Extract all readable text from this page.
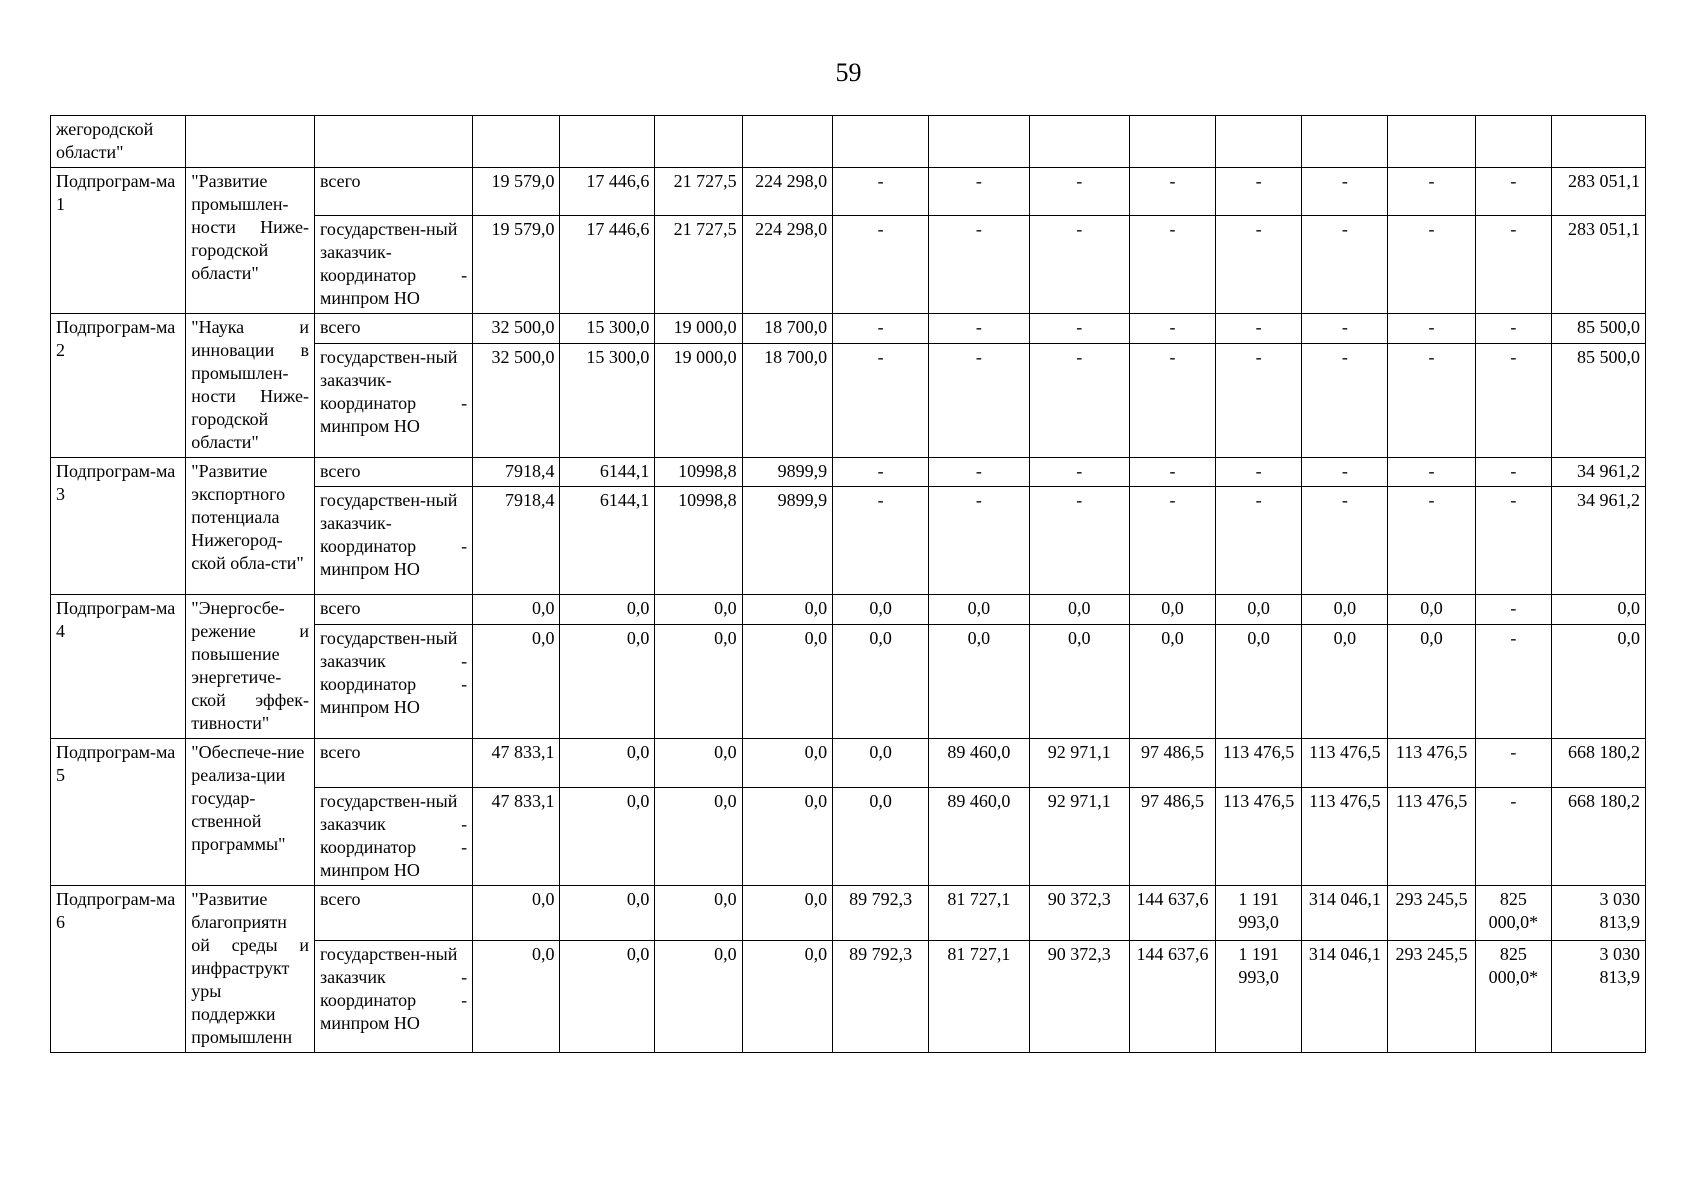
59
жегородской области"															
Подпрограм-ма 1	"Развитие промышлен-ности Ниже-городской области"	всего	19 579,0	17 446,6	21 727,5	224 298,0	-	-	-	-	-	-	-	-	283 051,1
		государствен-ный заказчик-координатор - минпром НО	19 579,0	17 446,6	21 727,5	224 298,0	-	-	-	-	-	-	-	-	283 051,1
Подпрограм-ма 2	"Наука и инновации в промышлен-ности Ниже-городской области"	всего	32 500,0	15 300,0	19 000,0	18 700,0	-	-	-	-	-	-	-	-	85 500,0
		государствен-ный заказчик-координатор - минпром НО	32 500,0	15 300,0	19 000,0	18 700,0	-	-	-	-	-	-	-	-	85 500,0
Подпрограм-ма 3	"Развитие экспортного потенциала Нижегород-ской обла-сти"	всего	7918,4	6144,1	10998,8	9899,9	-	-	-	-	-	-	-	-	34 961,2
		государствен-ный заказчик-координатор - минпром НО	7918,4	6144,1	10998,8	9899,9	-	-	-	-	-	-	-	-	34 961,2
Подпрограм-ма 4	"Энергосбе-режение и повышение энергетиче-ской эффек-тивности"	всего	0,0	0,0	0,0	0,0	0,0	0,0	0,0	0,0	0,0	0,0	0,0	-	0,0
		государствен-ный заказчик - координатор - минпром НО	0,0	0,0	0,0	0,0	0,0	0,0	0,0	0,0	0,0	0,0	0,0	-	0,0
Подпрограм-ма 5	"Обеспече-ние реализа-ции государ-ственной программы"	всего	47 833,1	0,0	0,0	0,0	0,0	89 460,0	92 971,1	97 486,5	113 476,5	113 476,5	113 476,5	-	668 180,2
		государствен-ный заказчик - координатор - минпром НО	47 833,1	0,0	0,0	0,0	0,0	89 460,0	92 971,1	97 486,5	113 476,5	113 476,5	113 476,5	-	668 180,2
Подпрограм-ма 6	"Развитие благоприятн ой среды и инфраструкт уры поддержки промышленн	всего	0,0	0,0	0,0	0,0	89 792,3	81 727,1	90 372,3	144 637,6	1 191 993,0	314 046,1	293 245,5	825 000,0*	3 030 813,9
		государствен-ный заказчик - координатор - минпром НО	0,0	0,0	0,0	0,0	89 792,3	81 727,1	90 372,3	144 637,6	1 191 993,0	314 046,1	293 245,5	825 000,0*	3 030 813,9
